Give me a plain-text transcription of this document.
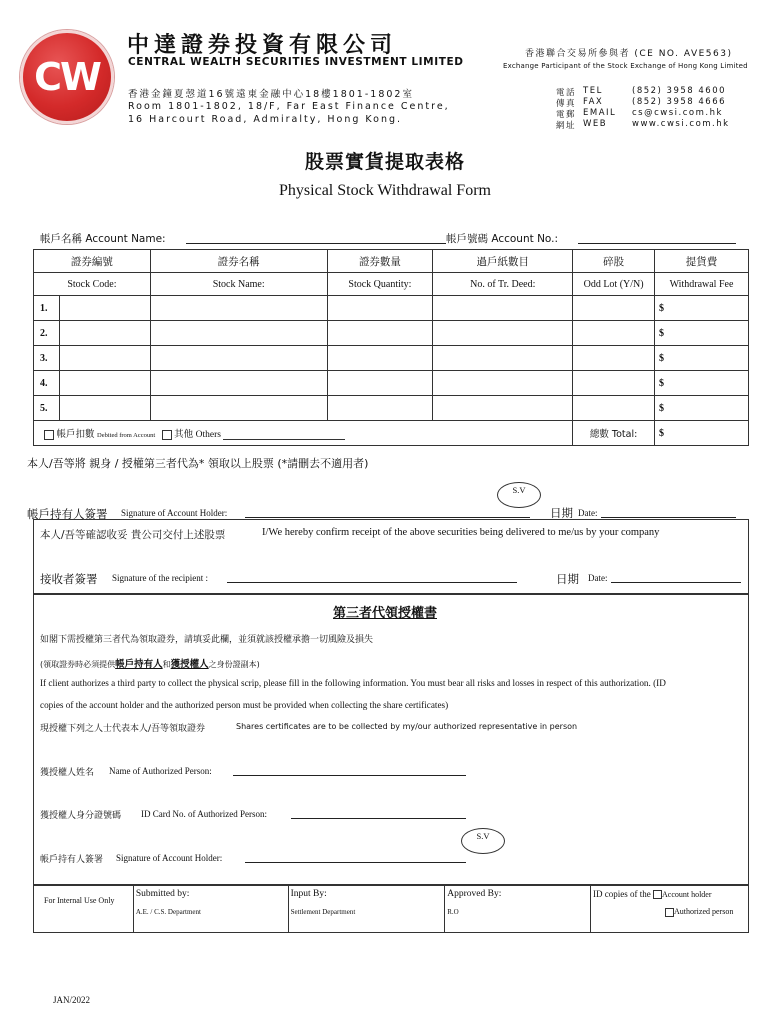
CW
中達證券投資有限公司
CENTRAL WEALTH SECURITIES INVESTMENT LIMITED
香港金鐘夏愨道16號遠東金融中心18樓1801-1802室
Room 1801-1802, 18/F, Far East Finance Centre,
16 Harcourt Road, Admiralty, Hong Kong.
香港聯合交易所參與者 (CE NO. AVE563)
Exchange Participant of the Stock Exchange of Hong Kong Limited
電話 TEL	(852) 3958 4600
傳真 FAX	(852) 3958 4666
電郵 EMAIL cs@cwsi.com.hk
網址 WEB	www.cwsi.com.hk
股票實貨提取表格
Physical Stock Withdrawal Form
帳戶名稱 Account Name:	帳戶號碼 Account No.:
證券編號		證券名稱	證券數量	過戶紙數目	碎股	提貨費
Stock Code:		Stock Name:	Stock Quantity:	No. of Tr. Deed:	Odd Lot (Y/N)	Withdrawal Fee
1.						$
2.						$
3.						$
4.						$
5.						$
帳戶扣數 Debited from Account 其他 Others					總數 Total:	$
本人/吾等將 親身 / 授權第三者代為* 領取以上股票 (*請刪去不適用者)
S.V
帳戶持有人簽署 Signature of Account Holder:	日期 Date:
本人/吾等確認收妥 貴公司交付上述股票	I/We hereby confirm receipt of the above securities being delivered to me/us by your company
接收者簽署 Signature of the recipient :	日期 Date:
第三者代領授權書
如閣下需授權第三者代為領取證券，請填妥此欄，並須就該授權承擔一切風險及損失
(領取證券時必須提供帳戶持有人和獲授權人之身份證副本)
If client authorizes a third party to collect the physical scrip, please fill in the following information. You must bear all risks and losses in respect of this authorization. (ID
copies of the account holder and the authorized person must be provided when collecting the share certificates)
現授權下列之人士代表本人/吾等領取證券	Shares certificates are to be collected by my/our authorized representative in person
獲授權人姓名 Name of Authorized Person:
獲授權人身分證號碼 ID Card No. of Authorized Person:
S.V
帳戶持有人簽署 Signature of Account Holder:
For Internal Use Only	
Submitted by:
A.E. / C.S. Department

Input By:
Settlement Department

Approved By:
R.O

ID copies of the Account holder
Authorized person
JAN/2022
